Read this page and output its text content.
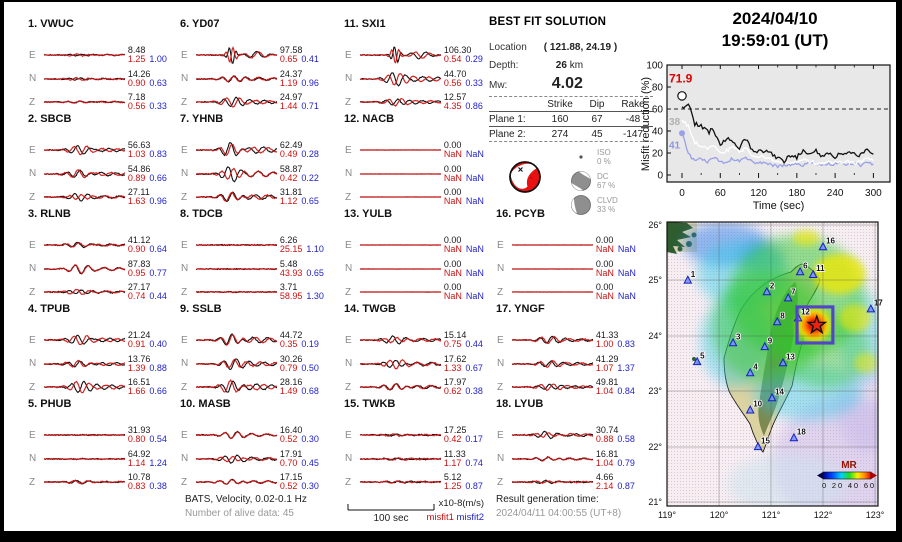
1. VWUC
E	8.48
1.25 1.00
N	14.26
0.90 0.63
Z	7.18
0.56 0.33
2. SBCB
E	56.63
1.03 0.83
N	54.86
0.89 0.66
Z	27.11
1.63 0.96
3. RLNB
E	41.12
0.90 0.64
N	87.83
0.95 0.77
Z	27.17
0.74 0.44
4. TPUB
E	21.24
0.91 0.40
N	13.76
1.39 0.88
Z	16.51
1.66 0.66
5. PHUB
E	31.93
0.80 0.54
N	64.92
1.14 1.24
Z	10.78
0.83 0.38
6. YD07
E	97.58
0.65 0.41
N	24.37
1.19 0.96
Z	24.97
1.44 0.71
7. YHNB
E	62.49
0.49 0.28
N	58.87
0.42 0.22
Z	31.81
1.12 0.65
8. TDCB
E	6.26
25.15 1.10
N	5.48
43.93 0.65
Z	3.71
58.95 1.30
9. SSLB
E	44.72
0.35 0.19
N	30.26
0.79 0.50
Z	28.16
1.49 0.68
10. MASB
E	16.40
0.52 0.30
N	17.91
0.70 0.45
Z	17.15
0.52 0.30
11. SXI1
E	106.30
0.54 0.29
N	44.70
0.56 0.33
Z	12.57
4.35 0.86
12. NACB
E	0.00
NaN NaN
N	0.00
NaN NaN
Z	0.00
NaN NaN
13. YULB
E	0.00
NaN NaN
N	0.00
NaN NaN
Z	0.00
NaN NaN
14. TWGB
E	15.14
0.75 0.44
N	17.62
1.33 0.67
Z	17.97
0.62 0.38
15. TWKB
E	17.25
0.42 0.17
N	11.33
1.17 0.74
Z	5.12
1.25 0.87
16. PCYB
E	0.00
NaN NaN
N	0.00
NaN NaN
Z	0.00
NaN NaN
17. YNGF
E	41.33
1.00 0.83
N	41.29
1.07 1.37
Z	49.81
1.04 0.84
18. LYUB
E	30.74
0.88 0.58
N	16.81
1.04 0.79
Z	4.66
2.14 0.87
BEST FIT SOLUTION
Location ( 121.88, 24.19 )
Depth:	26 km
Mw:	4.02
Strike	Dip	Rake
Plane 1:	160	67	-48
Plane 2:	274	45	-147
ISO
0 %
DC
67 %
CLVD
33 %
2024/04/10
19:59:01 (UT)
0	60 120 180 240 300
0
20
40
60
80
100
71.9
38
41
Misfit reduction (%)
Time (sec)
1
2
3
4
5
6
7
8
9
10
11
12
13
14
15
16
17
18
MR
0 20 40 60
26°
25°
24°
23°
22°
21°
119°	120°	121°	122°	123°
BATS, Velocity, 0.02-0.1 Hz
Number of alive data: 45	100 sec
x10-8(m/s)
misfit1 misfit2
Result generation time:
2024/04/11 04:00:55 (UT+8)
